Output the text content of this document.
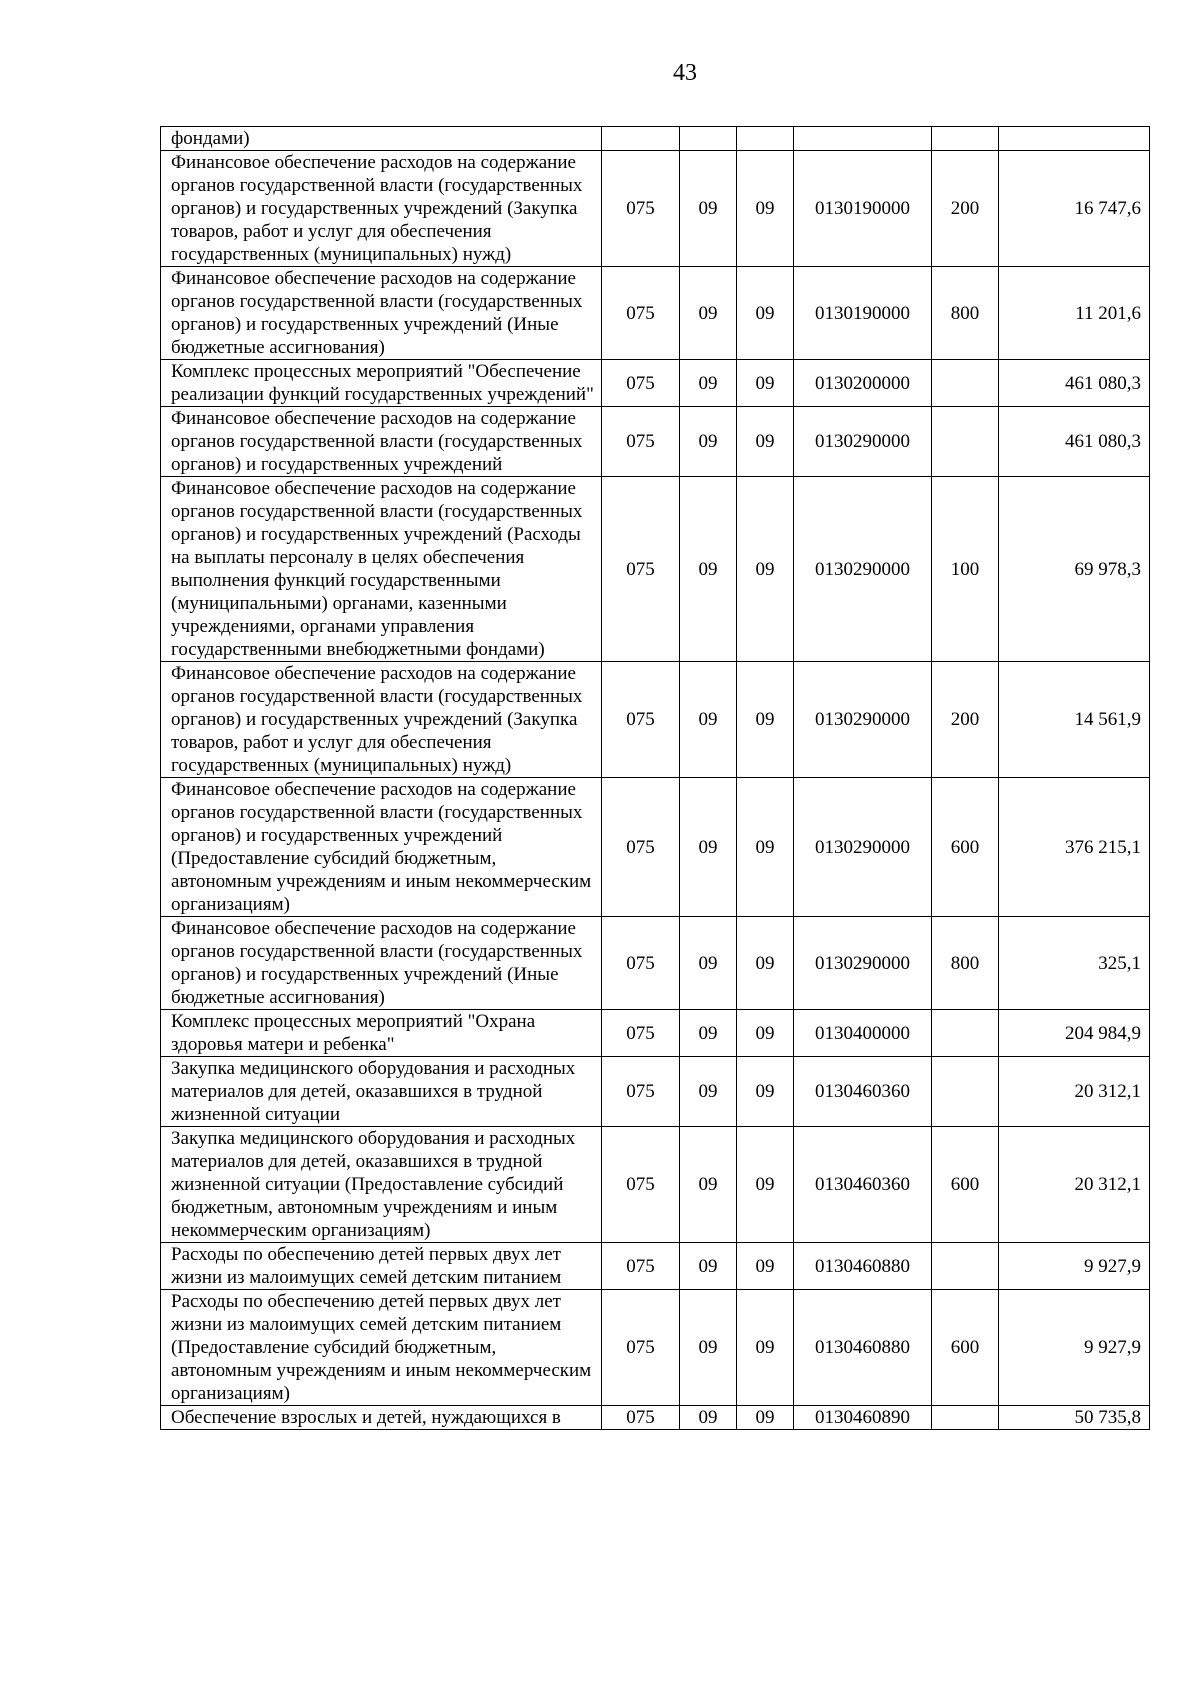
43
фондами)						
Финансовое обеспечение расходов на содержание органов государственной власти (государственных органов) и государственных учреждений (Закупка товаров, работ и услуг для обеспечения государственных (муниципальных) нужд)	075	09	09	0130190000	200	16 747,6
Финансовое обеспечение расходов на содержание органов государственной власти (государственных органов) и государственных учреждений (Иные бюджетные ассигнования)	075	09	09	0130190000	800	11 201,6
Комплекс процессных мероприятий "Обеспечение реализации функций государственных учреждений"	075	09	09	0130200000		461 080,3
Финансовое обеспечение расходов на содержание органов государственной власти (государственных органов) и государственных учреждений	075	09	09	0130290000		461 080,3
Финансовое обеспечение расходов на содержание органов государственной власти (государственных органов) и государственных учреждений (Расходы на выплаты персоналу в целях обеспечения выполнения функций государственными (муниципальными) органами, казенными учреждениями, органами управления государственными внебюджетными фондами)	075	09	09	0130290000	100	69 978,3
Финансовое обеспечение расходов на содержание органов государственной власти (государственных органов) и государственных учреждений (Закупка товаров, работ и услуг для обеспечения государственных (муниципальных) нужд)	075	09	09	0130290000	200	14 561,9
Финансовое обеспечение расходов на содержание органов государственной власти (государственных органов) и государственных учреждений (Предоставление субсидий бюджетным, автономным учреждениям и иным некоммерческим организациям)	075	09	09	0130290000	600	376 215,1
Финансовое обеспечение расходов на содержание органов государственной власти (государственных органов) и государственных учреждений (Иные бюджетные ассигнования)	075	09	09	0130290000	800	325,1
Комплекс процессных мероприятий "Охрана здоровья матери и ребенка"	075	09	09	0130400000		204 984,9
Закупка медицинского оборудования и расходных материалов для детей, оказавшихся в трудной жизненной ситуации	075	09	09	0130460360		20 312,1
Закупка медицинского оборудования и расходных материалов для детей, оказавшихся в трудной жизненной ситуации (Предоставление субсидий бюджетным, автономным учреждениям и иным некоммерческим организациям)	075	09	09	0130460360	600	20 312,1
Расходы по обеспечению детей первых двух лет жизни из малоимущих семей детским питанием	075	09	09	0130460880		9 927,9
Расходы по обеспечению детей первых двух лет жизни из малоимущих семей детским питанием (Предоставление субсидий бюджетным, автономным учреждениям и иным некоммерческим организациям)	075	09	09	0130460880	600	9 927,9
Обеспечение взрослых и детей, нуждающихся в	075	09	09	0130460890		50 735,8
